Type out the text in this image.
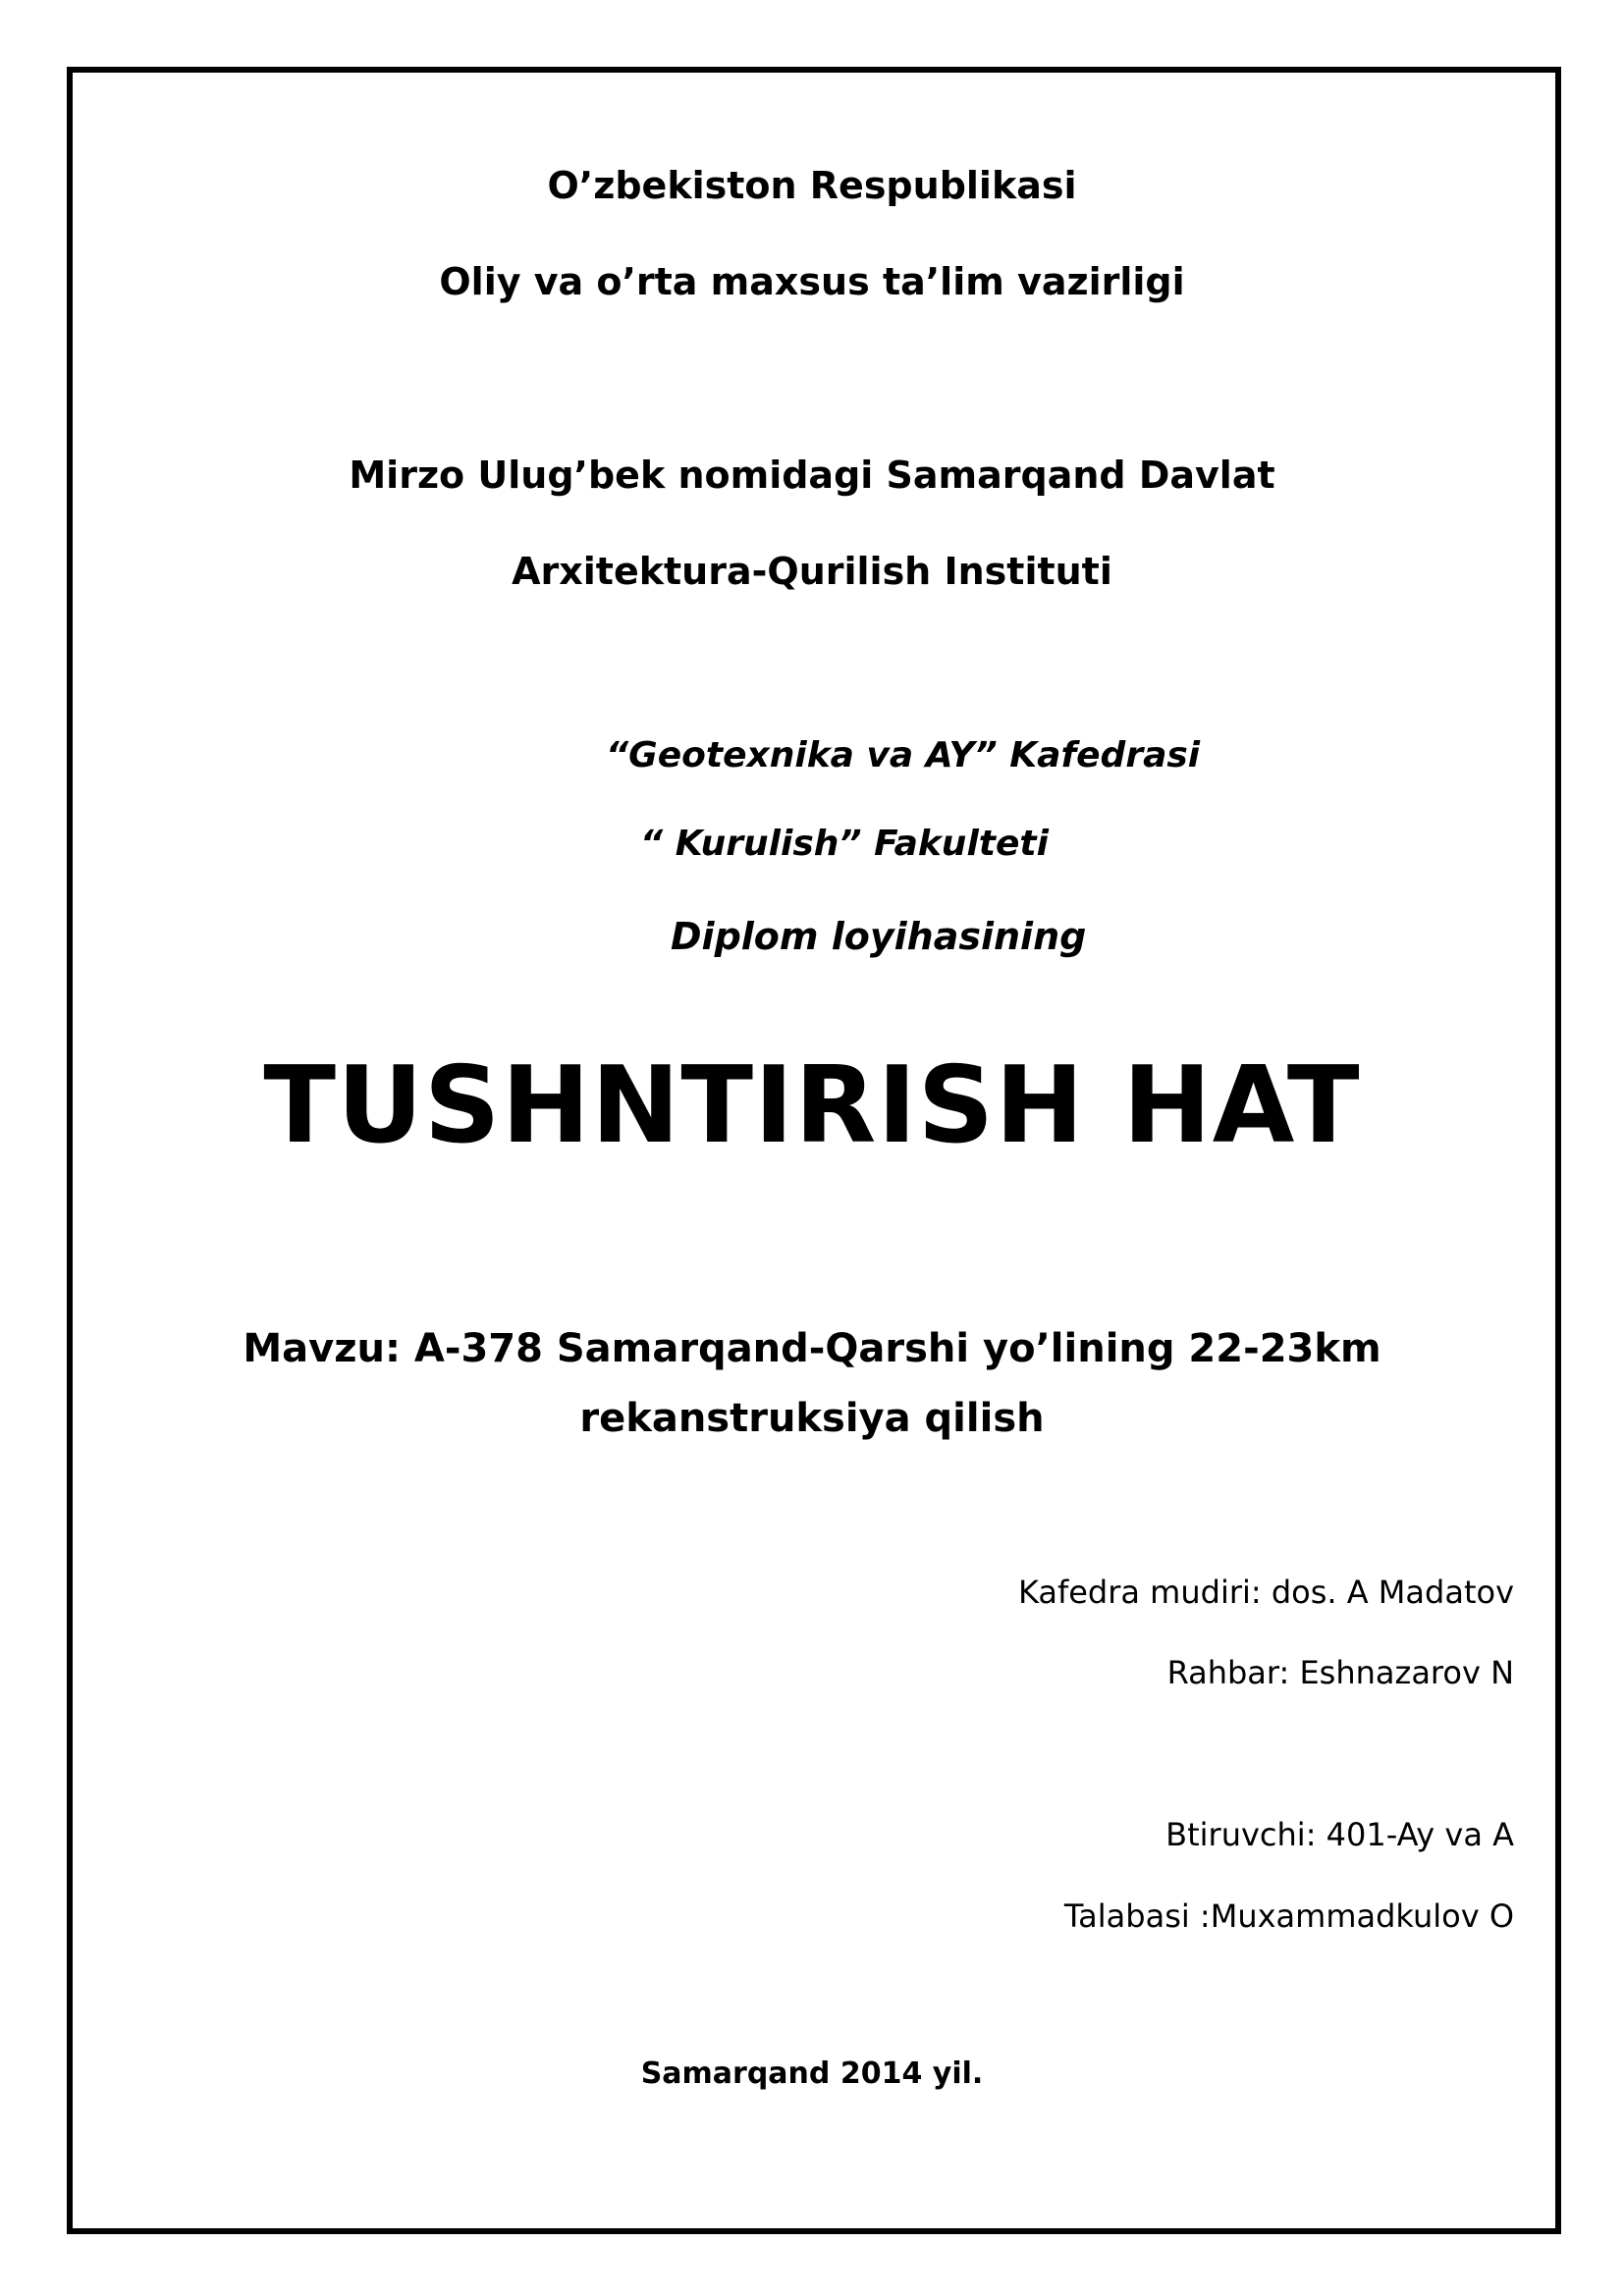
O’zbekiston Respublikasi
Oliy va o’rta maxsus ta’lim vazirligi
Mirzo Ulug’bek nomidagi Samarqand Davlat
Arxitektura-Qurilish Instituti
“Geotexnika va AY” Kafedrasi
“ Kurulish” Fakulteti
Diplom loyihasining
TUSHNTIRISH HAT
Mavzu: A-378 Samarqand-Qarshi yo’lining 22-23km
rekanstruksiya qilish
Kafedra mudiri: dos. A Madatov
Rahbar: Eshnazarov N
Btiruvchi: 401-Ay va A
Talabasi :Muxammadkulov O
Samarqand 2014 yil.
